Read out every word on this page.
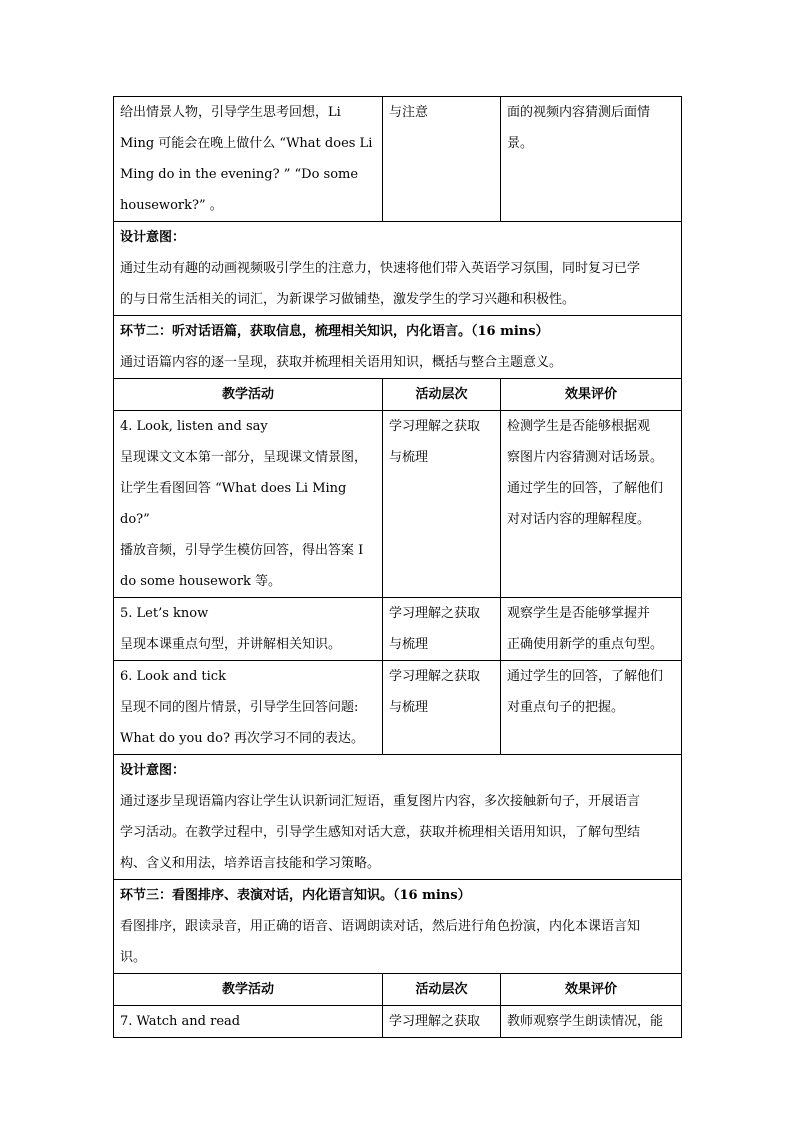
给出情景人物，引导学生思考回想，Li
Ming 可能会在晚上做什么 “What does Li
Ming do in the evening? ” “Do some
housework?” 。	与注意	面的视频内容猜测后面情
景。

设计意图：
通过生动有趣的动画视频吸引学生的注意力，快速将他们带入英语学习氛围，同时复习已学
的与日常生活相关的词汇，为新课学习做铺垫，激发学生的学习兴趣和积极性。		

环节二：听对话语篇，获取信息，梳理相关知识，内化语言。（16 mins）
通过语篇内容的逐一呈现，获取并梳理相关语用知识，概括与整合主题意义。		

教学活动	活动层次	效果评价
4. Look, listen and say
呈现课文文本第一部分，呈现课文情景图，
让学生看图回答 “What does Li Ming do?”
播放音频，引导学生模仿回答，得出答案 I
do some housework 等。	学习理解之获取
与梳理	检测学生是否能够根据观
察图片内容猜测对话场景。
通过学生的回答，了解他们
对对话内容的理解程度。
5. Let’s know
呈现本课重点句型，并讲解相关知识。	学习理解之获取
与梳理	观察学生是否能够掌握并
正确使用新学的重点句型。
6. Look and tick
呈现不同的图片情景，引导学生回答问题:
What do you do? 再次学习不同的表达。	学习理解之获取
与梳理	通过学生的回答，了解他们
对重点句子的把握。

设计意图：
通过逐步呈现语篇内容让学生认识新词汇短语，重复图片内容，多次接触新句子，开展语言
学习活动。在教学过程中，引导学生感知对话大意，获取并梳理相关语用知识，了解句型结
构、含义和用法，培养语言技能和学习策略。		

环节三：看图排序、表演对话，内化语言知识。（16 mins）
看图排序，跟读录音，用正确的语音、语调朗读对话，然后进行角色扮演，内化本课语言知
识。		

教学活动	活动层次	效果评价
7. Watch and read	学习理解之获取	教师观察学生朗读情况，能
